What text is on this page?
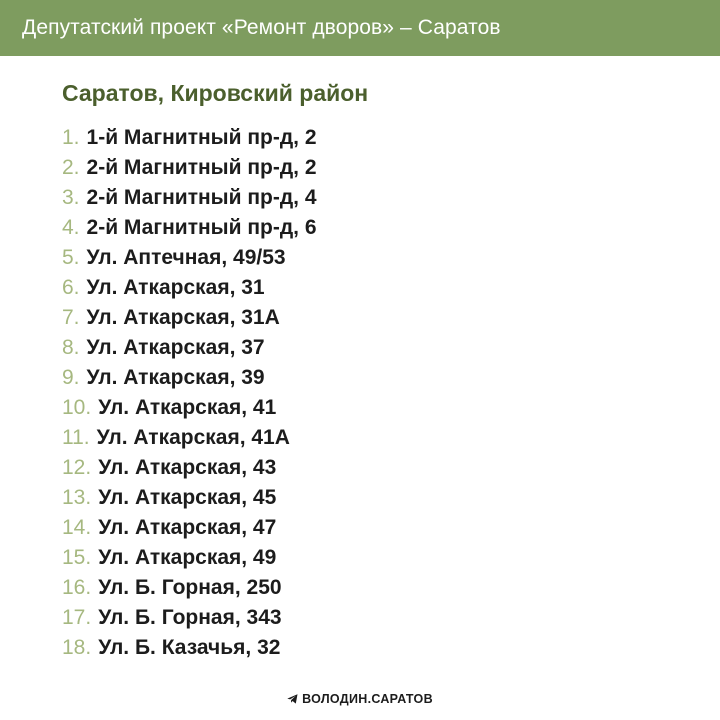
Депутатский проект «Ремонт дворов» – Саратов
Саратов, Кировский район
1. 1-й Магнитный пр-д, 2
2. 2-й Магнитный пр-д, 2
3. 2-й Магнитный пр-д, 4
4. 2-й Магнитный пр-д, 6
5. Ул. Аптечная, 49/53
6. Ул. Аткарская, 31
7. Ул. Аткарская, 31А
8. Ул. Аткарская, 37
9. Ул. Аткарская, 39
10. Ул. Аткарская, 41
11. Ул. Аткарская, 41А
12. Ул. Аткарская, 43
13. Ул. Аткарская, 45
14. Ул. Аткарская, 47
15. Ул. Аткарская, 49
16. Ул. Б. Горная, 250
17. Ул. Б. Горная, 343
18. Ул. Б. Казачья, 32
ВОЛОДИН.САРАТОВ
